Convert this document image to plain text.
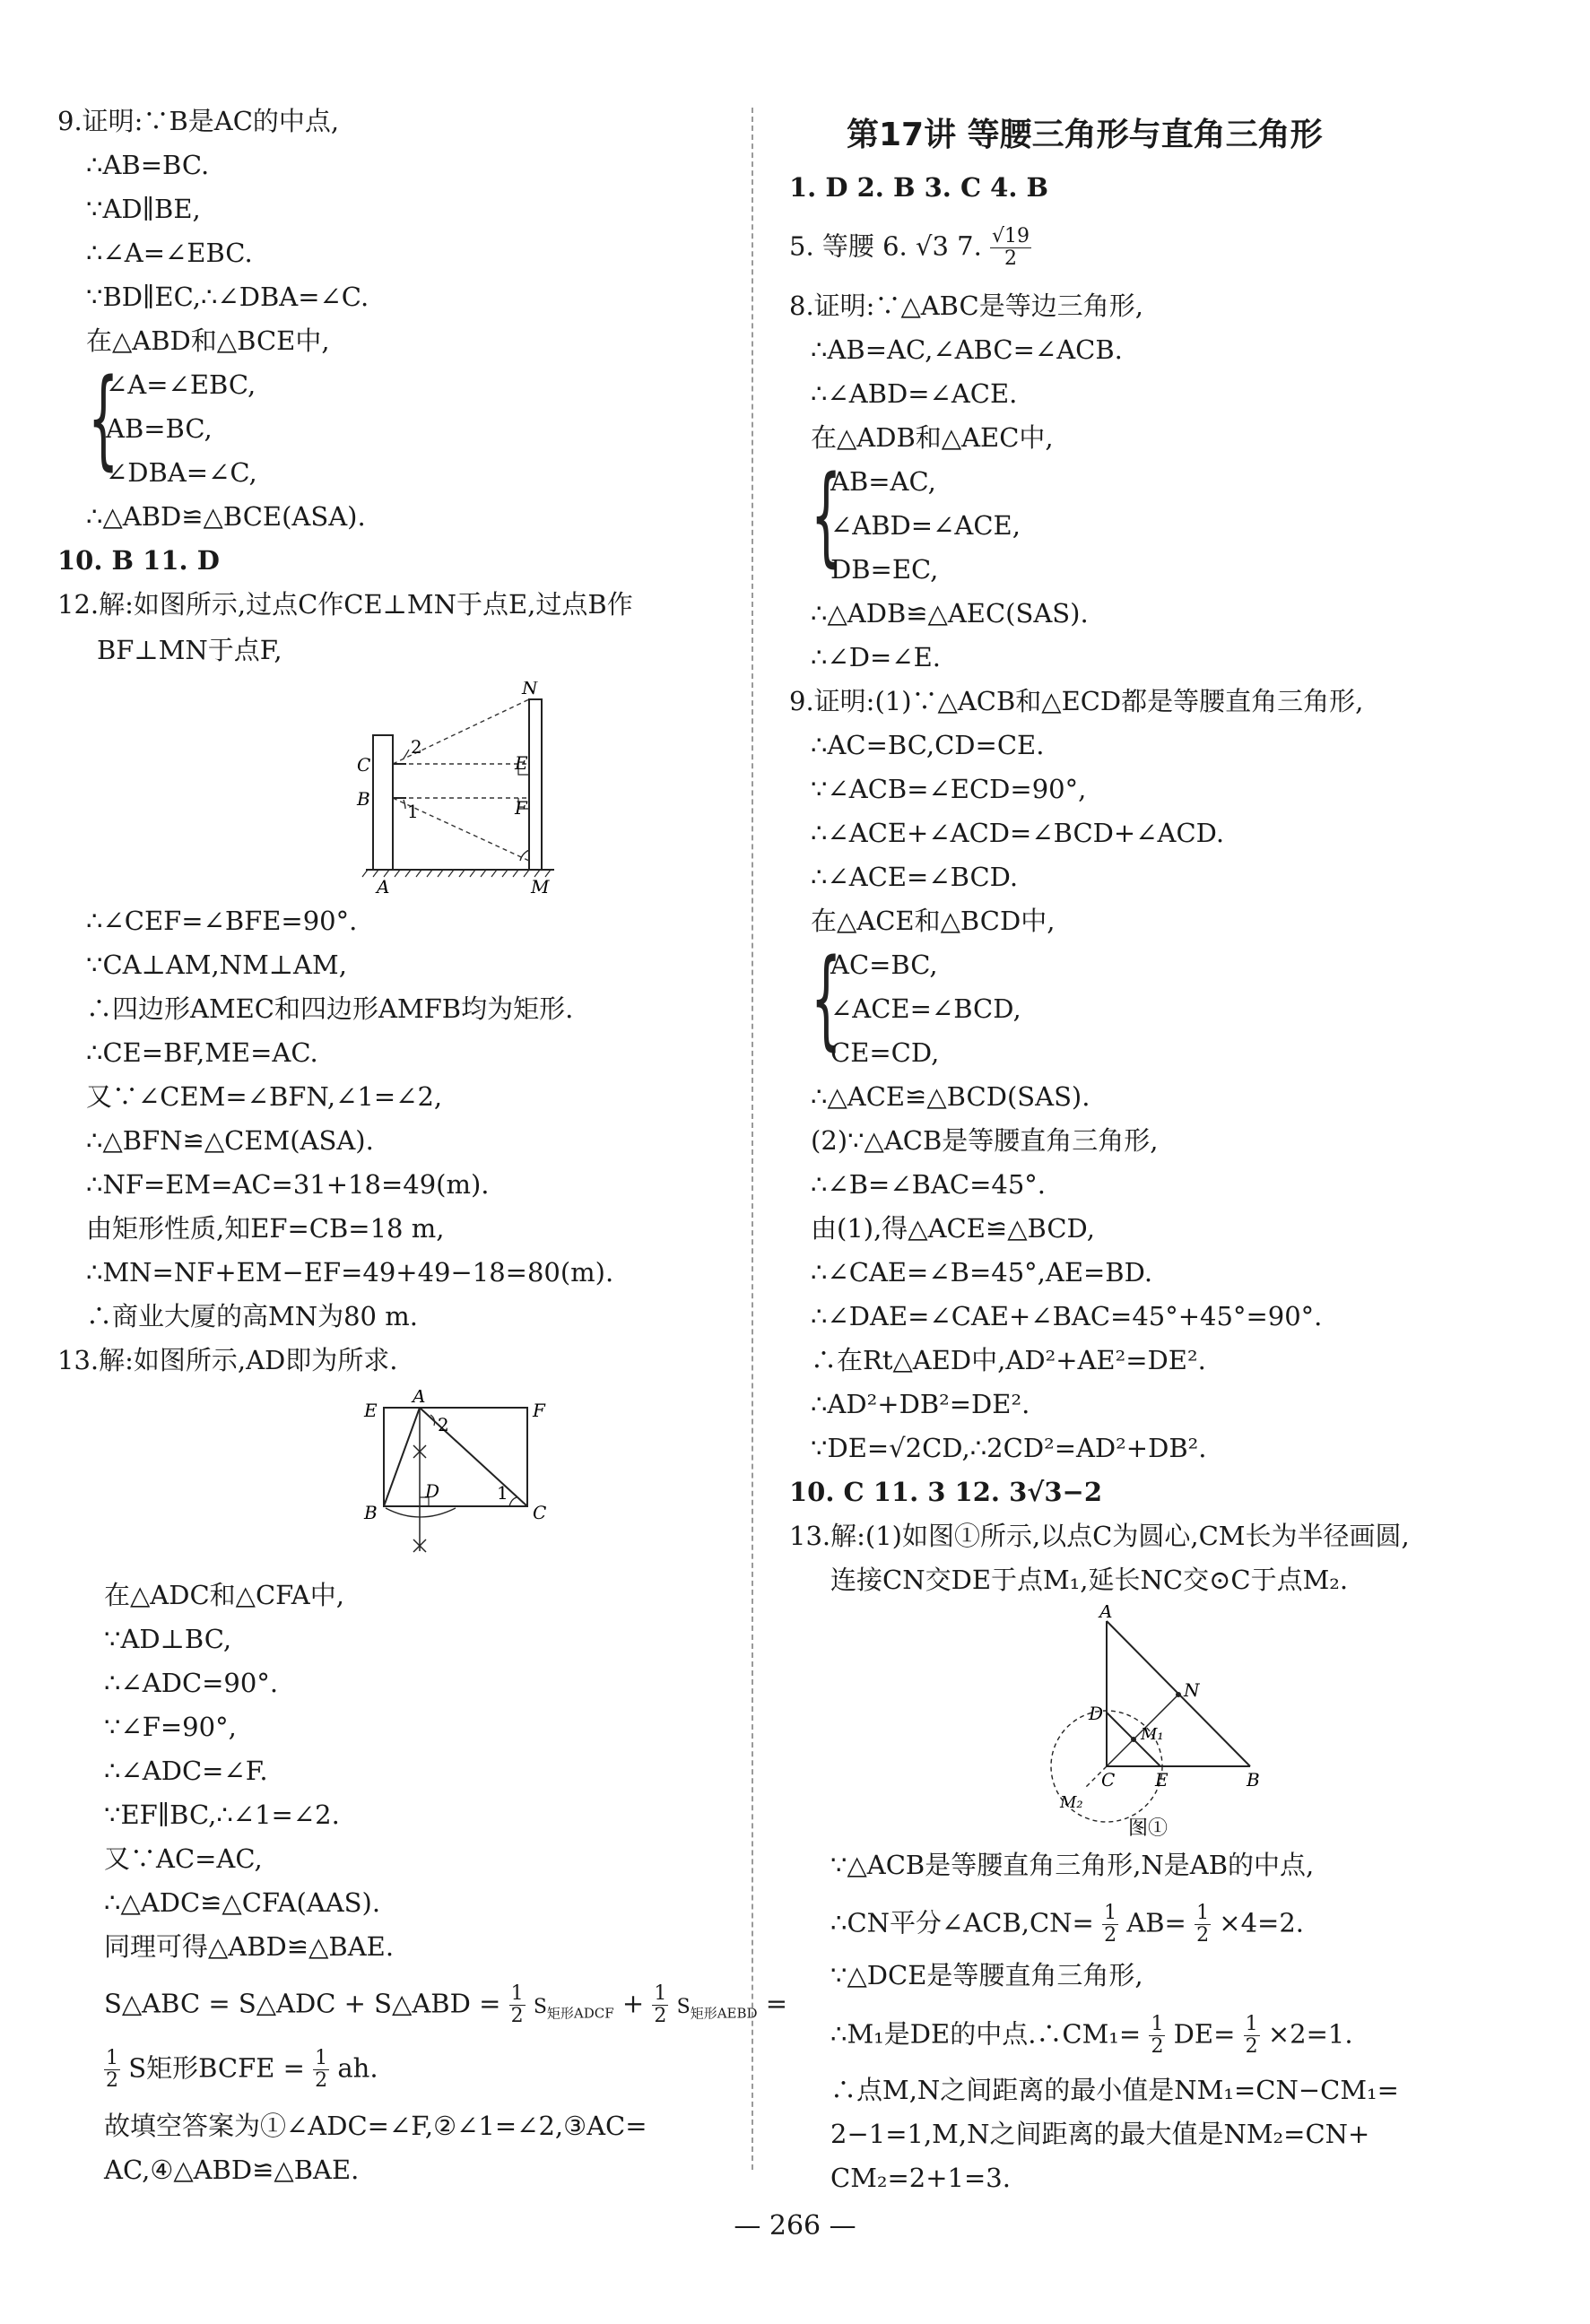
9.证明:∵B是AC的中点,
∴AB=BC.
∵AD∥BE,
∴∠A=∠EBC.
∵BD∥EC,∴∠DBA=∠C.
在△ABD和△BCE中,
{
∠A=∠EBC,
AB=BC,
∠DBA=∠C,
∴△ABD≌△BCE(ASA).
10. B 11. D
12.解:如图所示,过点C作CE⊥MN于点E,过点B作
BF⊥MN于点F,
N
2
C	E
B
1	F
A	M
∴∠CEF=∠BFE=90°.
∵CA⊥AM,NM⊥AM,
∴四边形AMEC和四边形AMFB均为矩形.
∴CE=BF,ME=AC.
又∵∠CEM=∠BFN,∠1=∠2,
∴△BFN≌△CEM(ASA).
∴NF=EM=AC=31+18=49(m).
由矩形性质,知EF=CB=18 m,
∴MN=NF+EM−EF=49+49−18=80(m).
∴商业大厦的高MN为80 m.
13.解:如图所示,AD即为所求.
A
E
2
F
B
D	1
C
在△ADC和△CFA中,
∵AD⊥BC,
∴∠ADC=90°.
∵∠F=90°,
∴∠ADC=∠F.
∵EF∥BC,∴∠1=∠2.
又∵AC=AC,
∴△ADC≌△CFA(AAS).
同理可得△ABD≌△BAE.
S△ABC = S△ADC + S△ABD = $\frac{1}{2} S_{矩形ADCF} + \frac{1}{2} S_{矩形AEBD}$ =
$\frac{1}{2}$ S矩形BCFE = $\frac{1}{2}$ ah.
故填空答案为①∠ADC=∠F,②∠1=∠2,③AC=
AC,④△ABD≌△BAE.
第17讲 等腰三角形与直角三角形
1. D 2. B 3. C 4. B
5. 等腰 6. √3 7. $\frac{√19}{2}$
8.证明:∵△ABC是等边三角形,
∴AB=AC,∠ABC=∠ACB.
∴∠ABD=∠ACE.
在△ADB和△AEC中,
{
AB=AC,
∠ABD=∠ACE,
DB=EC,
∴△ADB≌△AEC(SAS).
∴∠D=∠E.
9.证明:(1)∵△ACB和△ECD都是等腰直角三角形,
∴AC=BC,CD=CE.
∵∠ACB=∠ECD=90°,
∴∠ACE+∠ACD=∠BCD+∠ACD.
∴∠ACE=∠BCD.
在△ACE和△BCD中,
{
AC=BC,
∠ACE=∠BCD,
CE=CD,
∴△ACE≌△BCD(SAS).
(2)∵△ACB是等腰直角三角形,
∴∠B=∠BAC=45°.
由(1),得△ACE≌△BCD,
∴∠CAE=∠B=45°,AE=BD.
∴∠DAE=∠CAE+∠BAC=45°+45°=90°.
∴在Rt△AED中,AD²+AE²=DE².
∴AD²+DB²=DE².
∵DE=√2CD,∴2CD²=AD²+DB².
10. C 11. 3 12. 3√3−2
13.解:(1)如图①所示,以点C为圆心,CM长为半径画圆,
连接CN交DE于点M₁,延长NC交⊙C于点M₂.
A
D
N
M₁
C E	B
M₂
图①
∵△ACB是等腰直角三角形,N是AB的中点,
∴CN平分∠ACB,CN= $\frac{1}{2} AB= \frac{1}{2} \times 4=2$.
∵△DCE是等腰直角三角形,
∴M₁是DE的中点.∴CM₁= $\frac{1}{2} DE= \frac{1}{2} \times 2=1$.
∴点M,N之间距离的最小值是NM₁=CN−CM₁=
2−1=1,M,N之间距离的最大值是NM₂=CN+
CM₂=2+1=3.
— 266 —
